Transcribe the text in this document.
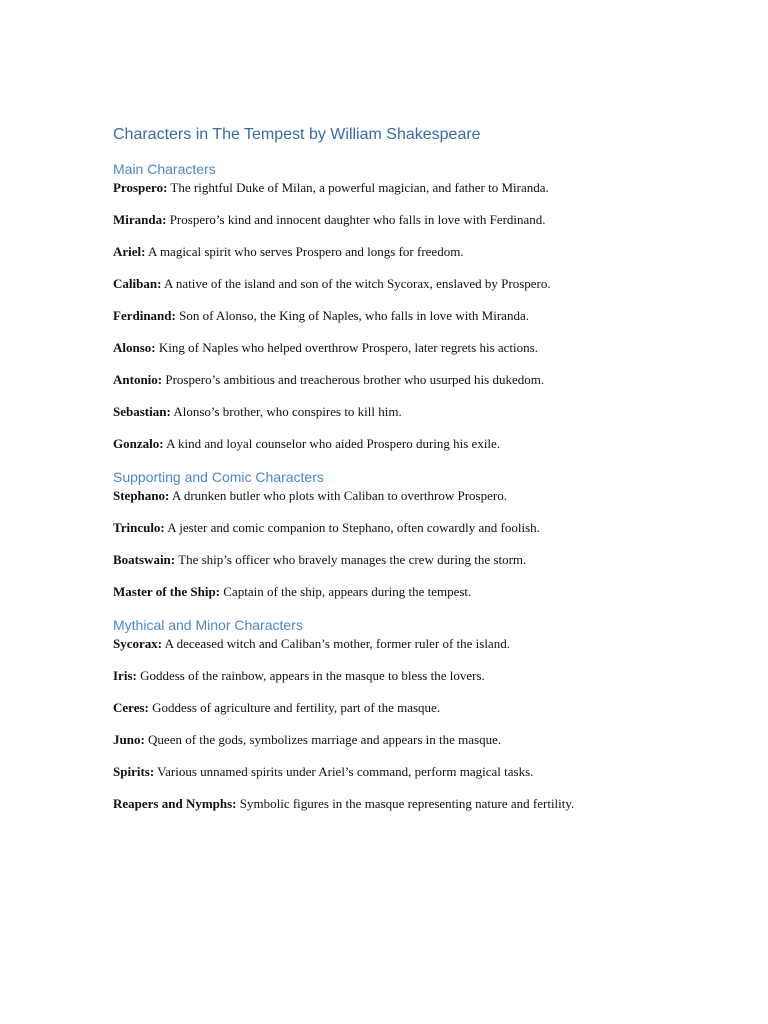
Characters in The Tempest by William Shakespeare
Main Characters

Prospero: The rightful Duke of Milan, a powerful magician, and father to Miranda.

Miranda: Prospero’s kind and innocent daughter who falls in love with Ferdinand.

Ariel: A magical spirit who serves Prospero and longs for freedom.

Caliban: A native of the island and son of the witch Sycorax, enslaved by Prospero.

Ferdinand: Son of Alonso, the King of Naples, who falls in love with Miranda.

Alonso: King of Naples who helped overthrow Prospero, later regrets his actions.

Antonio: Prospero’s ambitious and treacherous brother who usurped his dukedom.

Sebastian: Alonso’s brother, who conspires to kill him.

Gonzalo: A kind and loyal counselor who aided Prospero during his exile.

Supporting and Comic Characters

Stephano: A drunken butler who plots with Caliban to overthrow Prospero.

Trinculo: A jester and comic companion to Stephano, often cowardly and foolish.

Boatswain: The ship’s officer who bravely manages the crew during the storm.

Master of the Ship: Captain of the ship, appears during the tempest.

Mythical and Minor Characters

Sycorax: A deceased witch and Caliban’s mother, former ruler of the island.

Iris: Goddess of the rainbow, appears in the masque to bless the lovers.

Ceres: Goddess of agriculture and fertility, part of the masque.

Juno: Queen of the gods, symbolizes marriage and appears in the masque.

Spirits: Various unnamed spirits under Ariel’s command, perform magical tasks.

Reapers and Nymphs: Symbolic figures in the masque representing nature and fertility.
